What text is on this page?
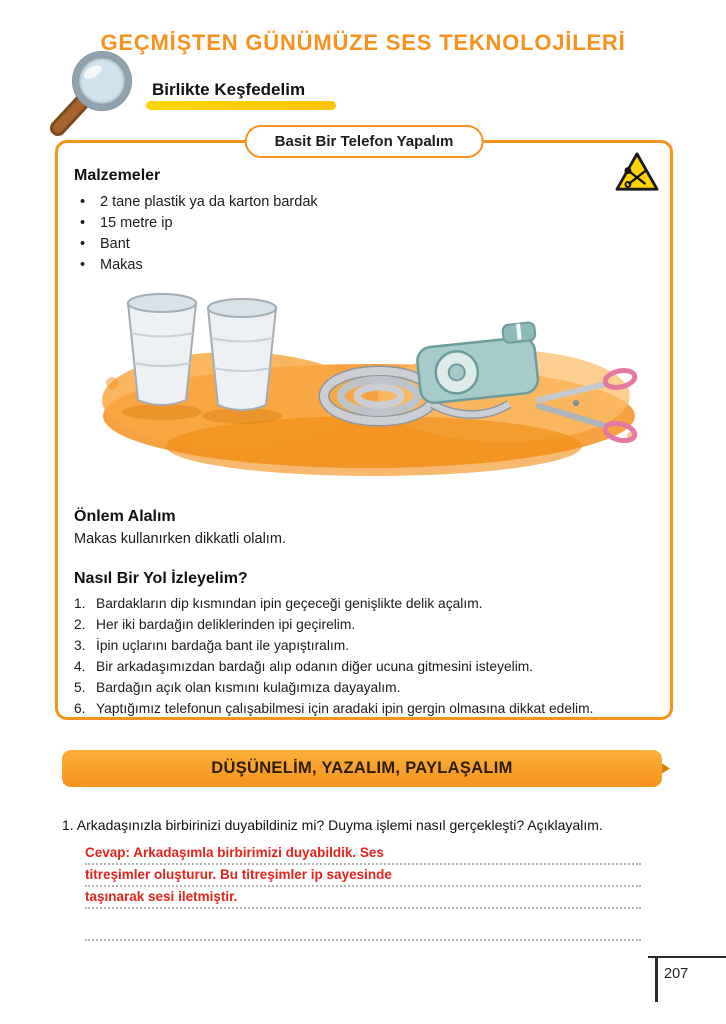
GEÇMİŞTEN GÜNÜMÜZE SES TEKNOLOJİLERİ
Birlikte Keşfedelim
Basit Bir Telefon Yapalım
Malzemeler
•	2 tane plastik ya da karton bardak
•	15 metre ip
•	Bant
•	Makas
Önlem Alalım

Makas kullanırken dikkatli olalım.

Nasıl Bir Yol İzleyelim?
1. Bardakların dip kısmından ipin geçeceği genişlikte delik açalım.
2. Her iki bardağın deliklerinden ipi geçirelim.
3. İpin uçlarını bardağa bant ile yapıştıralım.
4. Bir arkadaşımızdan bardağı alıp odanın diğer ucuna gitmesini isteyelim.
5. Bardağın açık olan kısmını kulağımıza dayayalım.
6. Yaptığımız telefonun çalışabilmesi için aradaki ipin gergin olmasına dikkat edelim.
DÜŞÜNELİM, YAZALIM, PAYLAŞALIM

1. Arkadaşınızla birbirinizi duyabildiniz mi? Duyma işlemi nasıl gerçekleşti? Açıklayalım.

Cevap: Arkadaşımla birbirimizi duyabildik. Ses
titreşimler oluşturur. Bu titreşimler ip sayesinde
taşınarak sesi iletmiştir.
207
